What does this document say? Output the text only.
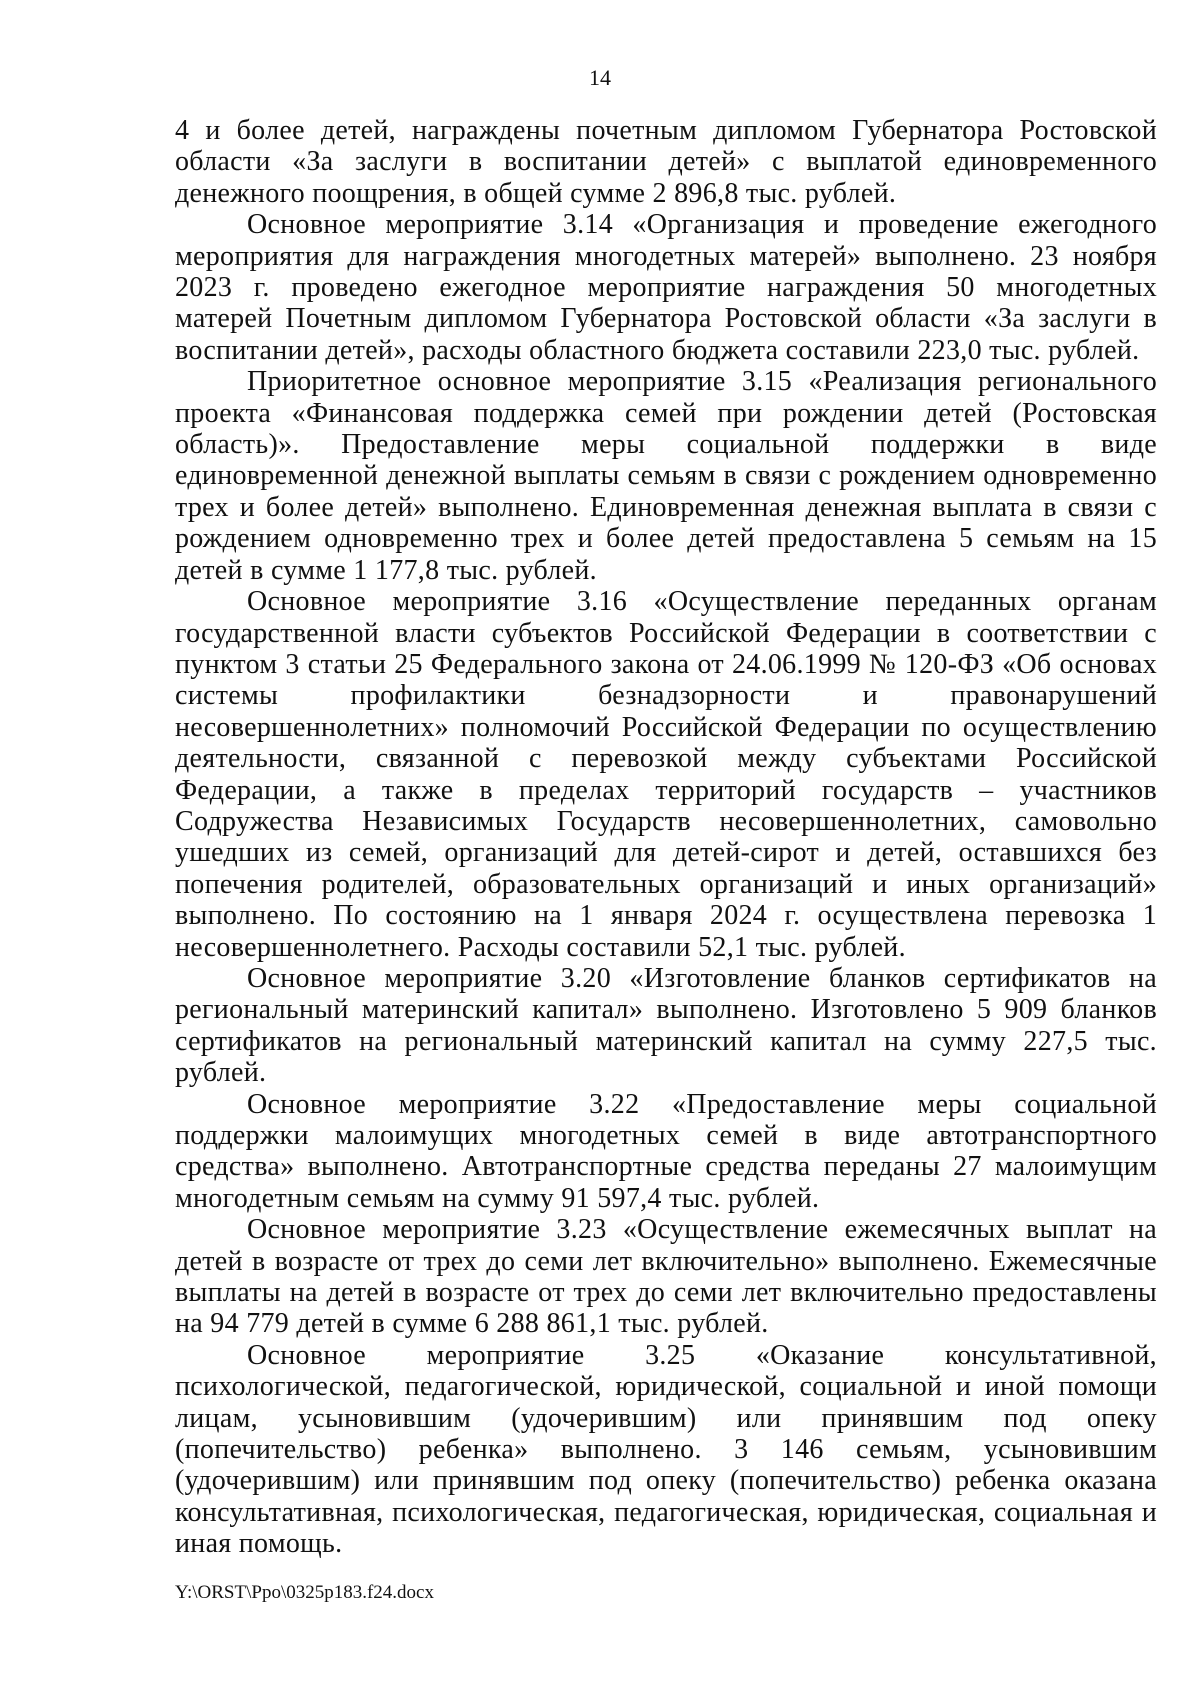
14

4 и более детей, награждены почетным дипломом Губернатора Ростовской области «За заслуги в воспитании детей» с выплатой единовременного денежного поощрения, в общей сумме 2 896,8 тыс. рублей.

Основное мероприятие 3.14 «Организация и проведение ежегодного мероприятия для награждения многодетных матерей» выполнено. 23 ноября 2023 г. проведено ежегодное мероприятие награждения 50 многодетных матерей Почетным дипломом Губернатора Ростовской области «За заслуги в воспитании детей», расходы областного бюджета составили 223,0 тыс. рублей.

Приоритетное основное мероприятие 3.15 «Реализация регионального проекта «Финансовая поддержка семей при рождении детей (Ростовская область)». Предоставление меры социальной поддержки в виде единовременной денежной выплаты семьям в связи с рождением одновременно трех и более детей» выполнено. Единовременная денежная выплата в связи с рождением одновременно трех и более детей предоставлена 5 семьям на 15 детей в сумме 1 177,8 тыс. рублей.

Основное мероприятие 3.16 «Осуществление переданных органам государственной власти субъектов Российской Федерации в соответствии с пунктом 3 статьи 25 Федерального закона от 24.06.1999 № 120-ФЗ «Об основах системы профилактики безнадзорности и правонарушений несовершеннолетних» полномочий Российской Федерации по осуществлению деятельности, связанной с перевозкой между субъектами Российской Федерации, а также в пределах территорий государств – участников Содружества Независимых Государств несовершеннолетних, самовольно ушедших из семей, организаций для детей-сирот и детей, оставшихся без попечения родителей, образовательных организаций и иных организаций» выполнено. По состоянию на 1 января 2024 г. осуществлена перевозка 1 несовершеннолетнего. Расходы составили 52,1 тыс. рублей.

Основное мероприятие 3.20 «Изготовление бланков сертификатов на региональный материнский капитал» выполнено. Изготовлено 5 909 бланков сертификатов на региональный материнский капитал на сумму 227,5 тыс. рублей.

Основное мероприятие 3.22 «Предоставление меры социальной поддержки малоимущих многодетных семей в виде автотранспортного средства» выполнено. Автотранспортные средства переданы 27 малоимущим многодетным семьям на сумму 91 597,4 тыс. рублей.

Основное мероприятие 3.23 «Осуществление ежемесячных выплат на детей в возрасте от трех до семи лет включительно» выполнено. Ежемесячные выплаты на детей в возрасте от трех до семи лет включительно предоставлены на 94 779 детей в сумме 6 288 861,1 тыс. рублей.

Основное мероприятие 3.25 «Оказание консультативной, психологической, педагогической, юридической, социальной и иной помощи лицам, усыновившим (удочерившим) или принявшим под опеку (попечительство) ребенка» выполнено. 3 146 семьям, усыновившим (удочерившим) или принявшим под опеку (попечительство) ребенка оказана консультативная, психологическая, педагогическая, юридическая, социальная и иная помощь.

Y:\ORST\Ppo\0325p183.f24.docx
